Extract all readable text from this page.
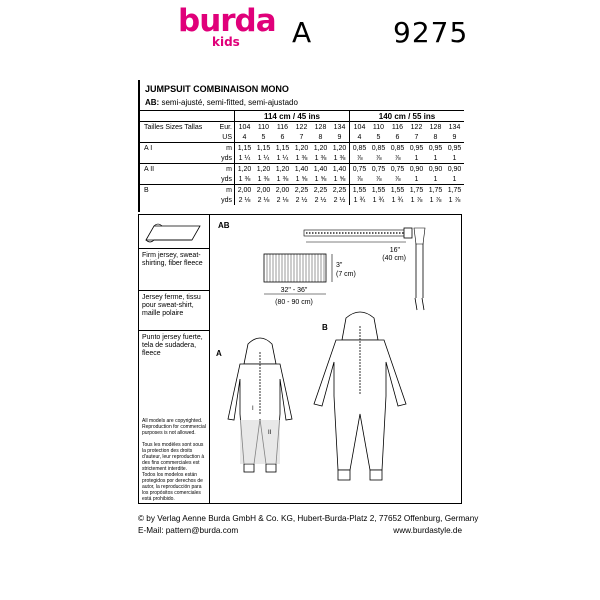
burda
kids A	9275
JUMPSUIT COMBINAISON MONO
AB: semi-ajusté, semi-fitted, semi-ajustado
		114 cm / 45 ins						140 cm / 55 ins					
Tailles Sizes Tallas	Eur.	104	110	116	122	128	134	104	110	116	122	128	134
	US	4	5	6	7	8	9	4	5	6	7	8	9
A I	m	1,15	1,15	1,15	1,20	1,20	1,20	0,85	0,85	0,85	0,95	0,95	0,95
	yds	1 ¼	1 ¼	1 ¼	1 ⅜	1 ⅜	1 ⅜	⅞	⅞	⅞	1	1	1
A II	m	1,20	1,20	1,20	1,40	1,40	1,40	0,75	0,75	0,75	0,90	0,90	0,90
	yds	1 ⅜	1 ⅜	1 ⅜	1 ⅝	1 ⅝	1 ⅝	⅞	⅞	⅞	1	1	1
B	m	2,00	2,00	2,00	2,25	2,25	2,25	1,55	1,55	1,55	1,75	1,75	1,75
	yds	2 ⅛	2 ⅛	2 ⅛	2 ½	2 ½	2 ½	1 ¾	1 ¾	1 ¾	1 ⅞	1 ⅞	1 ⅞
Firm jersey, sweat-shirting, fiber fleece
Jersey ferme, tissu pour sweat-shirt, maille polaire
Punto jersey fuerte, tela de sudadera, fleece
All models are copyrighted. Reproduction for commercial purposes is not allowed.
Tous les modèles sont sous la protection des droits d'auteur, leur reproduction à des fins commerciales est strictement interdite.
Todos los modelos están protegidos por derechos de autor, la reproducción para los propósitos comerciales está prohibido.
AB
3"
(7 cm)
32" - 36"
(80 - 90 cm)
16"
(40 cm)
A
I
II
B
© by Verlag Aenne Burda GmbH & Co. KG, Hubert-Burda-Platz 2, 77652 Offenburg, Germany
E-Mail: pattern@burda.com	www.burdastyle.de
